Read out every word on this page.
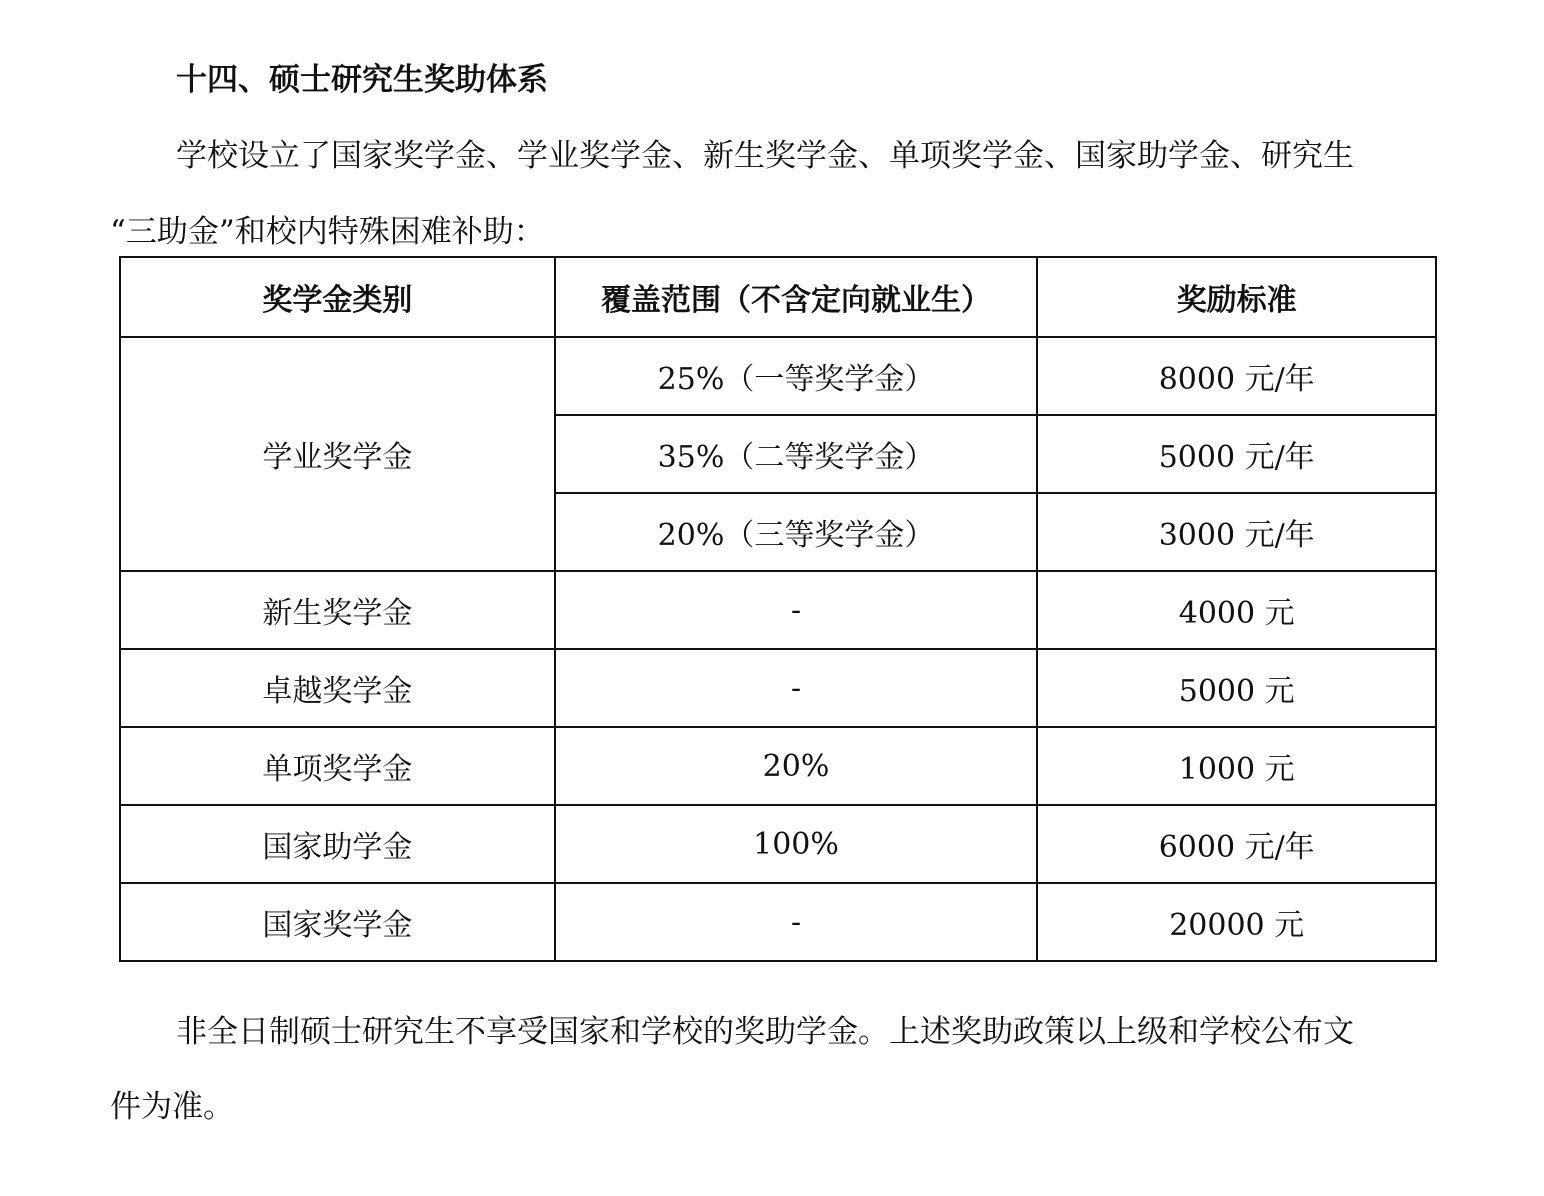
十四、硕士研究生奖助体系
学校设立了国家奖学金、学业奖学金、新生奖学金、单项奖学金、国家助学金、研究生
“三助金”和校内特殊困难补助：
奖学金类别	覆盖范围（不含定向就业生）	奖励标准
学业奖学金	25%（一等奖学金）	8000 元/年
	35%（二等奖学金）	5000 元/年
	20%（三等奖学金）	3000 元/年
新生奖学金	-	4000 元
卓越奖学金	-	5000 元
单项奖学金	20%	1000 元
国家助学金	100%	6000 元/年
国家奖学金	-	20000 元
非全日制硕士研究生不享受国家和学校的奖助学金。上述奖助政策以上级和学校公布文
件为准。
